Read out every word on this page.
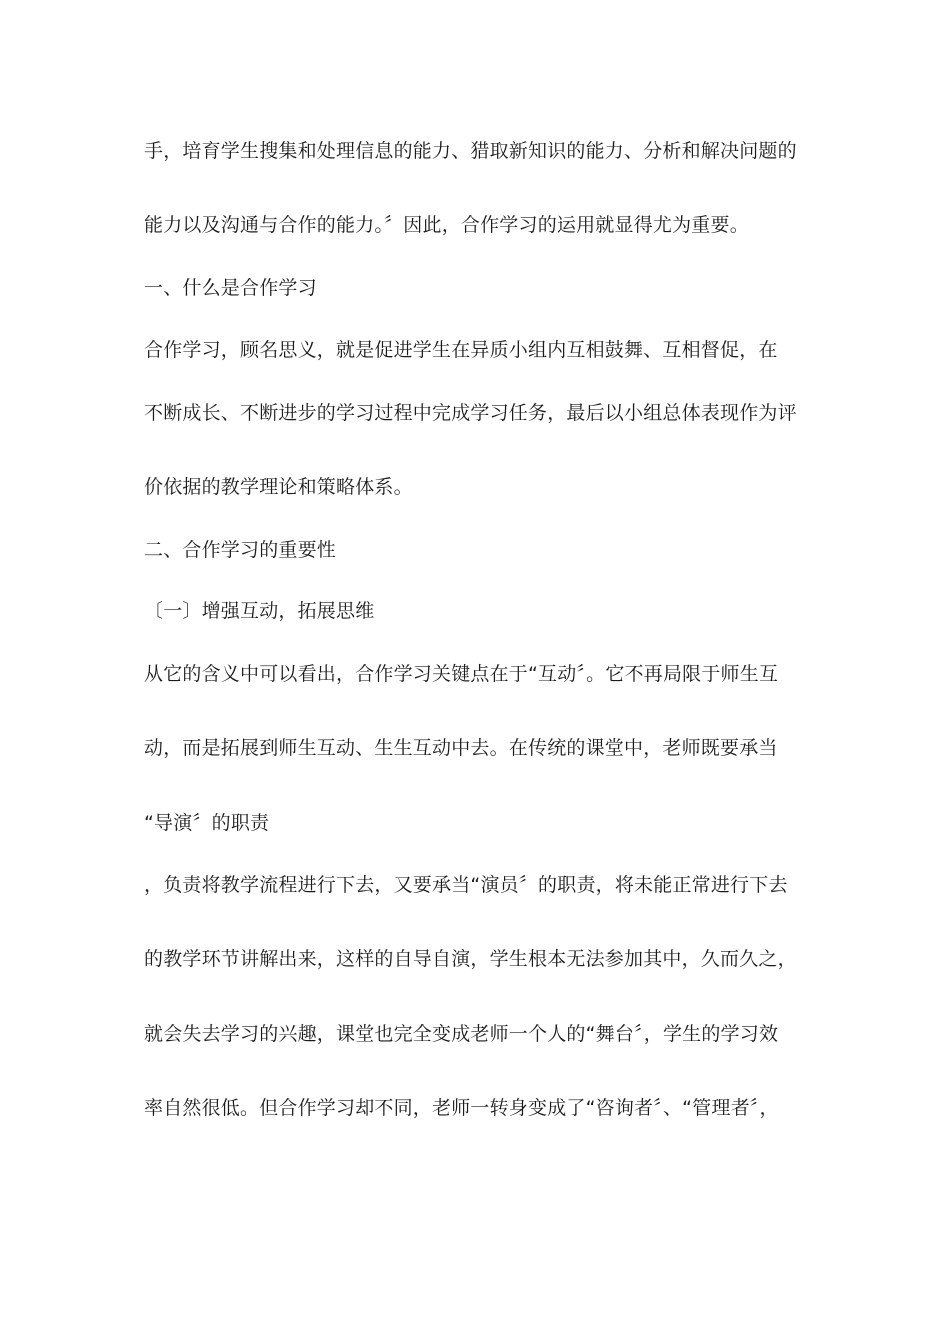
手，培育学生搜集和处理信息的能力、猎取新知识的能力、分析和解决问题的
能力以及沟通与合作的能力。〞因此，合作学习的运用就显得尤为重要。
一、什么是合作学习
合作学习，顾名思义，就是促进学生在异质小组内互相鼓舞、互相督促，在
不断成长、不断进步的学习过程中完成学习任务，最后以小组总体表现作为评
价依据的教学理论和策略体系。
二、合作学习的重要性
〔一〕增强互动，拓展思维
从它的含义中可以看出，合作学习关键点在于“互动〞。它不再局限于师生互
动，而是拓展到师生互动、生生互动中去。在传统的课堂中，老师既要承当
“导演〞的职责
，负责将教学流程进行下去，又要承当“演员〞的职责，将未能正常进行下去
的教学环节讲解出来，这样的自导自演，学生根本无法参加其中，久而久之，
就会失去学习的兴趣，课堂也完全变成老师一个人的“舞台〞，学生的学习效
率自然很低。但合作学习却不同，老师一转身变成了“咨询者〞、“管理者〞，
